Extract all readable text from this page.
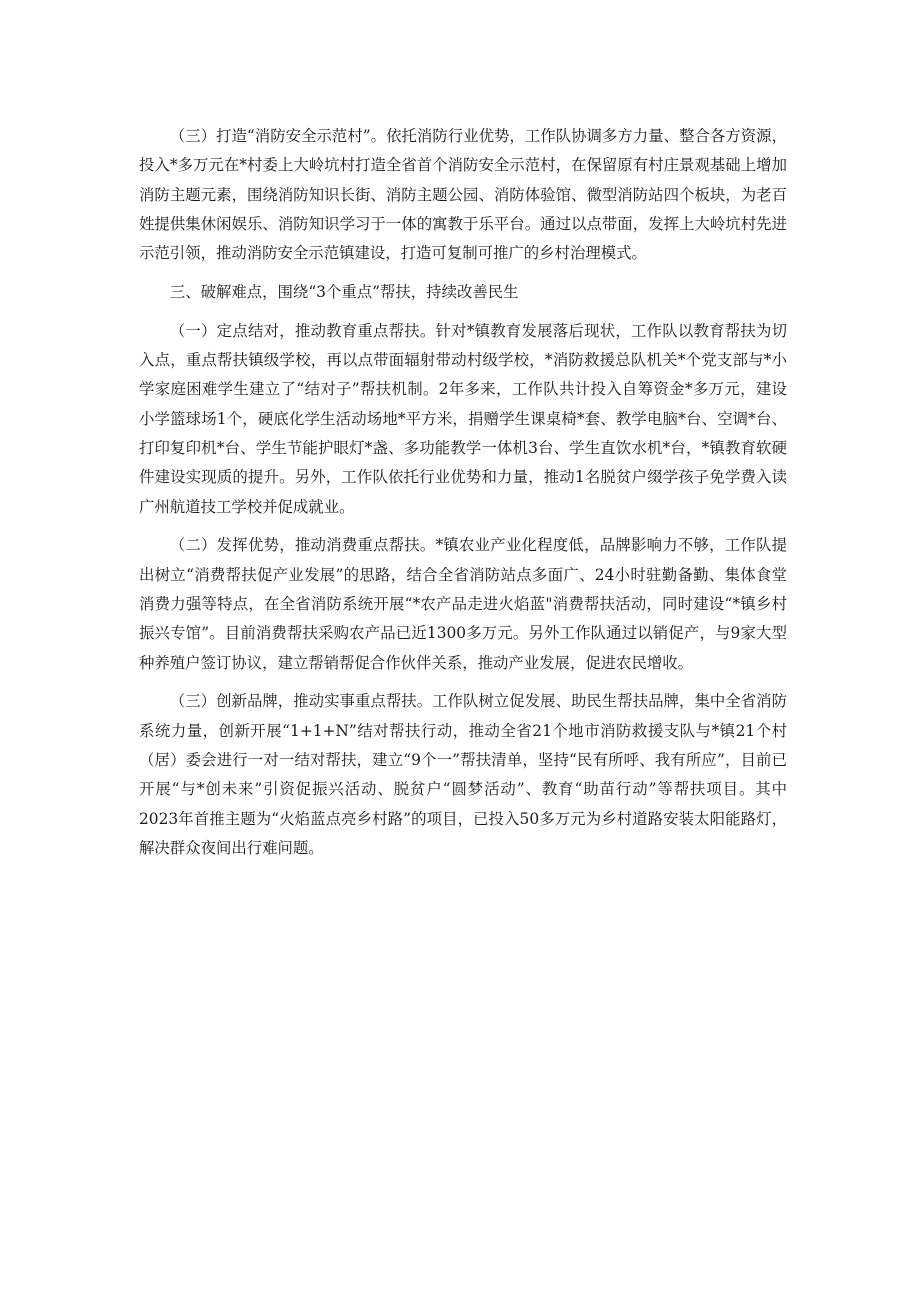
（三）打造“消防安全示范村”。依托消防行业优势，工作队协调多方力量、整合各方资源，投入*多万元在*村委上大岭坑村打造全省首个消防安全示范村，在保留原有村庄景观基础上增加消防主题元素，围绕消防知识长街、消防主题公园、消防体验馆、微型消防站四个板块，为老百姓提供集休闲娱乐、消防知识学习于一体的寓教于乐平台。通过以点带面，发挥上大岭坑村先进示范引领，推动消防安全示范镇建设，打造可复制可推广的乡村治理模式。

三、破解难点，围绕“3个重点”帮扶，持续改善民生

（一）定点结对，推动教育重点帮扶。针对*镇教育发展落后现状，工作队以教育帮扶为切入点，重点帮扶镇级学校，再以点带面辐射带动村级学校，*消防救援总队机关*个党支部与*小学家庭困难学生建立了“结对子”帮扶机制。2年多来，工作队共计投入自筹资金*多万元，建设小学篮球场1个，硬底化学生活动场地*平方米，捐赠学生课桌椅*套、教学电脑*台、空调*台、打印复印机*台、学生节能护眼灯*盏、多功能教学一体机3台、学生直饮水机*台，*镇教育软硬件建设实现质的提升。另外，工作队依托行业优势和力量，推动1名脱贫户缀学孩子免学费入读广州航道技工学校并促成就业。

（二）发挥优势，推动消费重点帮扶。*镇农业产业化程度低，品牌影响力不够，工作队提出树立“消费帮扶促产业发展”的思路，结合全省消防站点多面广、24小时驻勤备勤、集体食堂消费力强等特点，在全省消防系统开展“*农产品走进火焰蓝"消费帮扶活动，同时建设“*镇乡村振兴专馆”。目前消费帮扶采购农产品已近1300多万元。另外工作队通过以销促产，与9家大型种养殖户签订协议，建立帮销帮促合作伙伴关系，推动产业发展，促进农民增收。

（三）创新品牌，推动实事重点帮扶。工作队树立促发展、助民生帮扶品牌，集中全省消防系统力量，创新开展“1+1+N”结对帮扶行动，推动全省21个地市消防救援支队与*镇21个村（居）委会进行一对一结对帮扶，建立“9个一”帮扶清单，坚持“民有所呼、我有所应”，目前已开展“与*创未来”引资促振兴活动、脱贫户“圆梦活动”、教育“助苗行动”等帮扶项目。其中2023年首推主题为“火焰蓝点亮乡村路”的项目，已投入50多万元为乡村道路安装太阳能路灯，解决群众夜间出行难问题。
